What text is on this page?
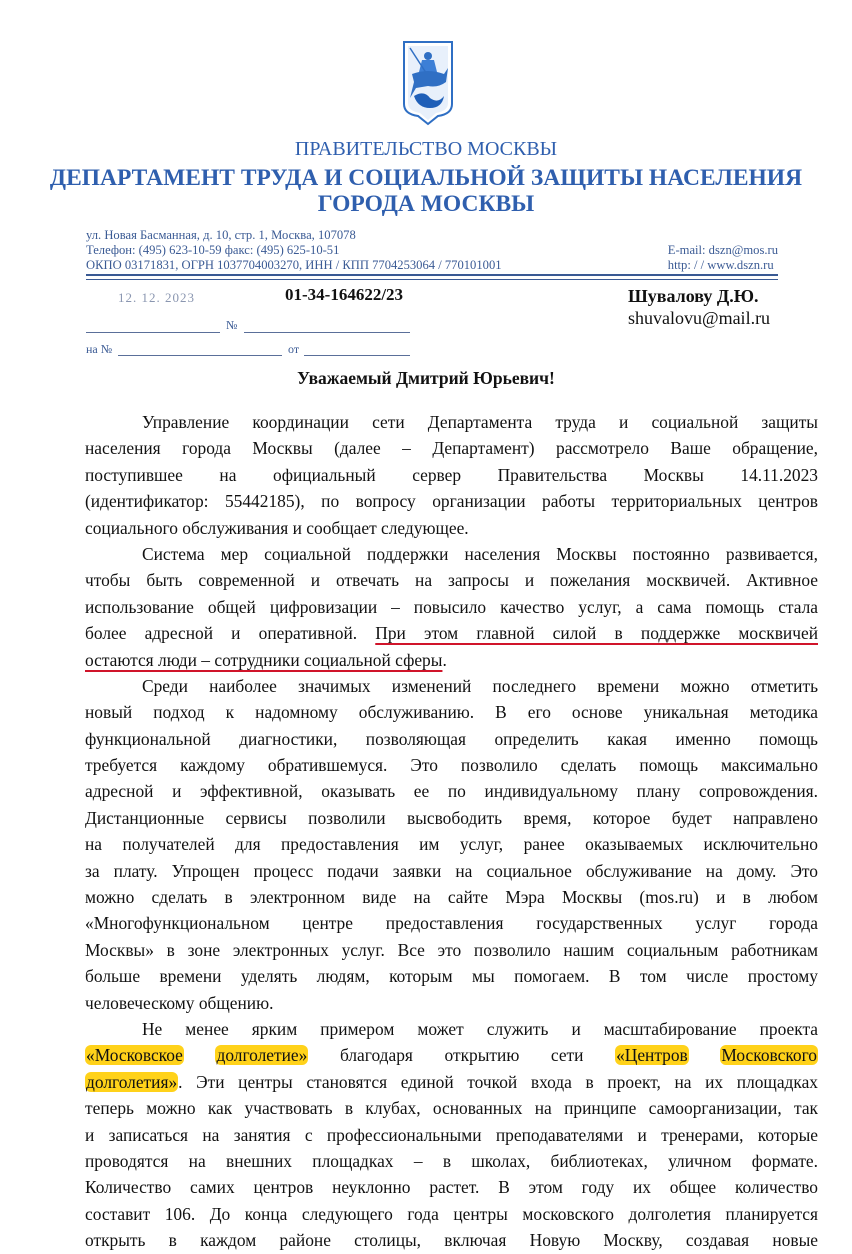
ПРАВИТЕЛЬСТВО МОСКВЫ
ДЕПАРТАМЕНТ ТРУДА И СОЦИАЛЬНОЙ ЗАЩИТЫ НАСЕЛЕНИЯ
ГОРОДА МОСКВЫ
ул. Новая Басманная, д. 10, стр. 1, Москва, 107078
Телефон: (495) 623-10-59 факс: (495) 625-10-51
ОКПО 03171831, ОГРН 1037704003270, ИНН / КПП 7704253064 / 770101001
E-mail: dszn@mos.ru
http: / / www.dszn.ru
12. 12. 2023	01-34-164622/23
№
на №	от
Шувалову Д.Ю.
shuvalovu@mail.ru
Уважаемый Дмитрий Юрьевич!
Управление координации сети Департамента труда и социальной защиты
населения города Москвы (далее – Департамент) рассмотрело Ваше обращение,
поступившее на официальный сервер Правительства Москвы 14.11.2023
(идентификатор: 55442185), по вопросу организации работы территориальных центров
социального обслуживания и сообщает следующее.
Система мер социальной поддержки населения Москвы постоянно развивается,
чтобы быть современной и отвечать на запросы и пожелания москвичей. Активное
использование общей цифровизации – повысило качество услуг, а сама помощь стала
более адресной и оперативной. При этом главной силой в поддержке москвичей
остаются люди – сотрудники социальной сферы.
Среди наиболее значимых изменений последнего времени можно отметить
новый подход к надомному обслуживанию. В его основе уникальная методика
функциональной диагностики, позволяющая определить какая именно помощь
требуется каждому обратившемуся. Это позволило сделать помощь максимально
адресной и эффективной, оказывать ее по индивидуальному плану сопровождения.
Дистанционные сервисы позволили высвободить время, которое будет направлено
на получателей для предоставления им услуг, ранее оказываемых исключительно
за плату. Упрощен процесс подачи заявки на социальное обслуживание на дому. Это
можно сделать в электронном виде на сайте Мэра Москвы (mos.ru) и в любом
«Многофункциональном центре предоставления государственных услуг города
Москвы» в зоне электронных услуг. Все это позволило нашим социальным работникам
больше времени уделять людям, которым мы помогаем. В том числе простому
человеческому общению.
Не менее ярким примером может служить и масштабирование проекта
«Московское долголетие» благодаря открытию сети «Центров Московского
долголетия». Эти центры становятся единой точкой входа в проект, на их площадках
теперь можно как участвовать в клубах, основанных на принципе самоорганизации, так
и записаться на занятия с профессиональными преподавателями и тренерами, которые
проводятся на внешних площадках – в школах, библиотеках, уличном формате.
Количество самих центров неуклонно растет. В этом году их общее количество
составит 106. До конца следующего года центры московского долголетия планируется
открыть в каждом районе столицы, включая Новую Москву, создавая новые
